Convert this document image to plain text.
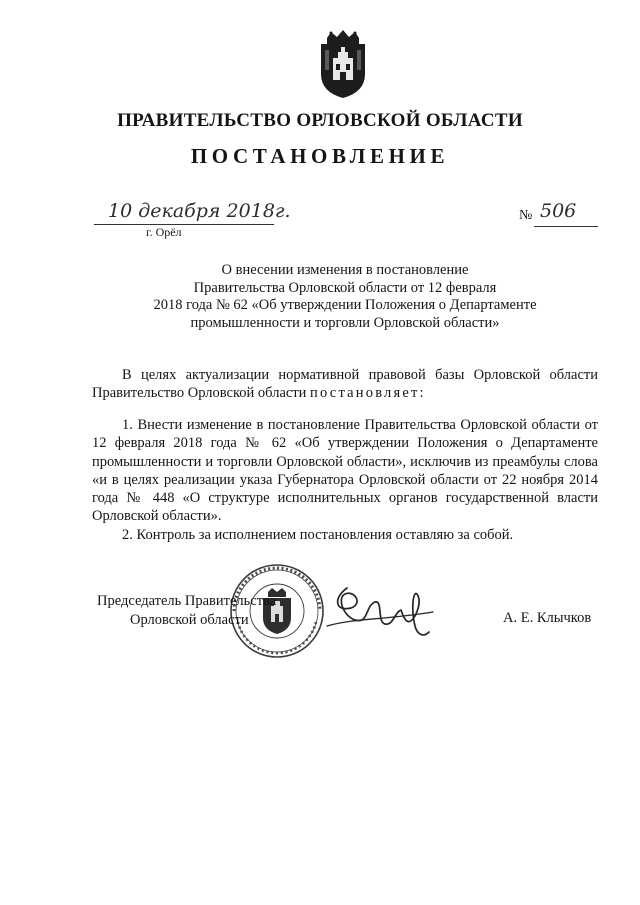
ПРАВИТЕЛЬСТВО ОРЛОВСКОЙ ОБЛАСТИ
ПОСТАНОВЛЕНИЕ
10 декабря 2018г.
г. Орёл
№ 506
О внесении изменения в постановление
Правительства Орловской области от 12 февраля
2018 года № 62 «Об утверждении Положения о Департаменте
промышленности и торговли Орловской области»

В целях актуализации нормативной правовой базы Орловской области Правительство Орловской области постановляет:

1. Внести изменение в постановление Правительства Орловской области от 12 февраля 2018 года № 62 «Об утверждении Положения о Департаменте промышленности и торговли Орловской области», исключив из преамбулы слова «и в целях реализации указа Губернатора Орловской области от 22 ноября 2014 года № 448 «О структуре исполнительных органов государственной власти Орловской области».

2. Контроль за исполнением постановления оставляю за собой.

Председатель Правительства
Орловской области	А. Е. Клычков
